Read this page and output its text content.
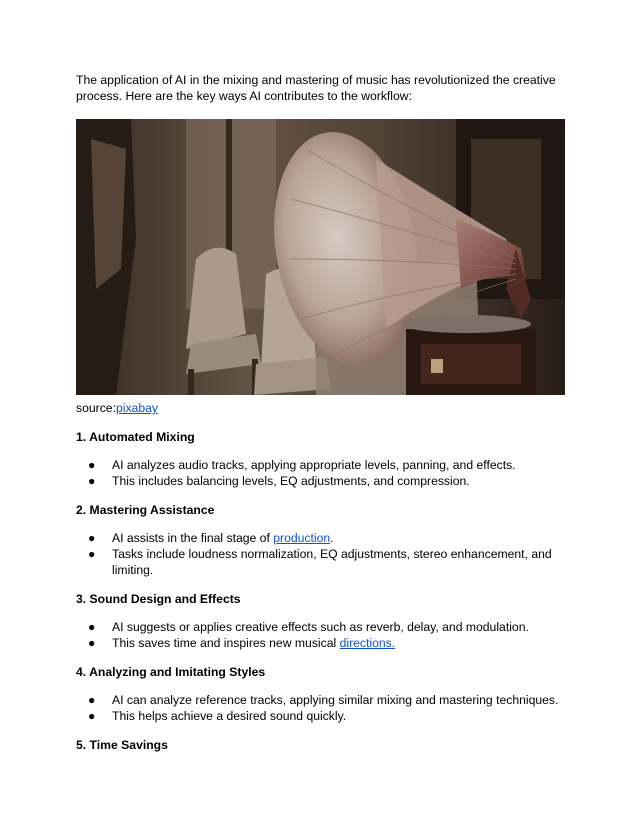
The application of AI in the mixing and mastering of music has revolutionized the creative process. Here are the key ways AI contributes to the workflow:

source:pixabay

1. Automated Mixing

● AI analyzes audio tracks, applying appropriate levels, panning, and effects.
● This includes balancing levels, EQ adjustments, and compression.

2. Mastering Assistance

● AI assists in the final stage of production.
● Tasks include loudness normalization, EQ adjustments, stereo enhancement, and limiting.

3. Sound Design and Effects

● AI suggests or applies creative effects such as reverb, delay, and modulation.
● This saves time and inspires new musical directions.

4. Analyzing and Imitating Styles

● AI can analyze reference tracks, applying similar mixing and mastering techniques.
● This helps achieve a desired sound quickly.

5. Time Savings
